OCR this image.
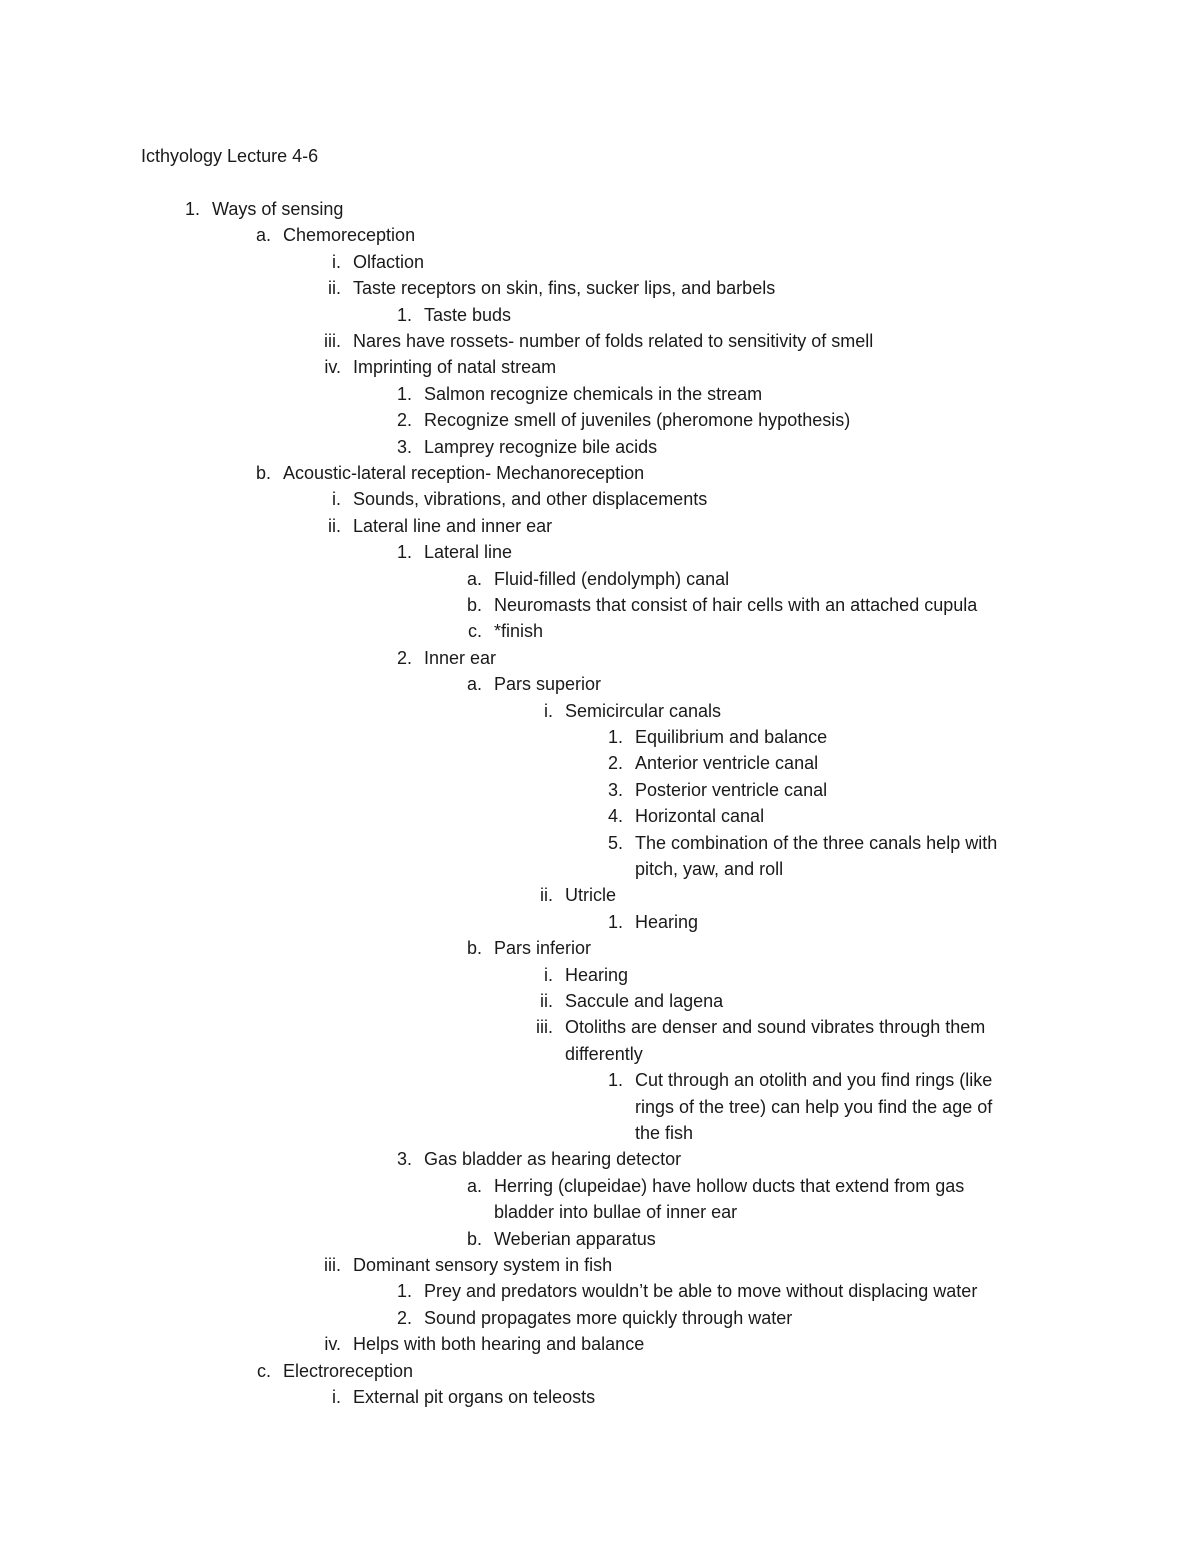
Icthyology Lecture 4-6
1. Ways of sensing
a. Chemoreception
i. Olfaction
ii. Taste receptors on skin, fins, sucker lips, and barbels
1. Taste buds
iii. Nares have rossets- number of folds related to sensitivity of smell
iv. Imprinting of natal stream
1. Salmon recognize chemicals in the stream
2. Recognize smell of juveniles (pheromone hypothesis)
3. Lamprey recognize bile acids
b. Acoustic-lateral reception- Mechanoreception
i. Sounds, vibrations, and other displacements
ii. Lateral line and inner ear
1. Lateral line
a. Fluid-filled (endolymph) canal
b. Neuromasts that consist of hair cells with an attached cupula
c. *finish
2. Inner ear
a. Pars superior
i. Semicircular canals
1. Equilibrium and balance
2. Anterior ventricle canal
3. Posterior ventricle canal
4. Horizontal canal
5. The combination of the three canals help with
pitch, yaw, and roll
ii. Utricle
1. Hearing
b. Pars inferior
i. Hearing
ii. Saccule and lagena
iii. Otoliths are denser and sound vibrates through them
differently
1. Cut through an otolith and you find rings (like
rings of the tree) can help you find the age of
the fish
3. Gas bladder as hearing detector
a. Herring (clupeidae) have hollow ducts that extend from gas
bladder into bullae of inner ear
b. Weberian apparatus
iii. Dominant sensory system in fish
1. Prey and predators wouldn’t be able to move without displacing water
2. Sound propagates more quickly through water
iv. Helps with both hearing and balance
c. Electroreception
i. External pit organs on teleosts
